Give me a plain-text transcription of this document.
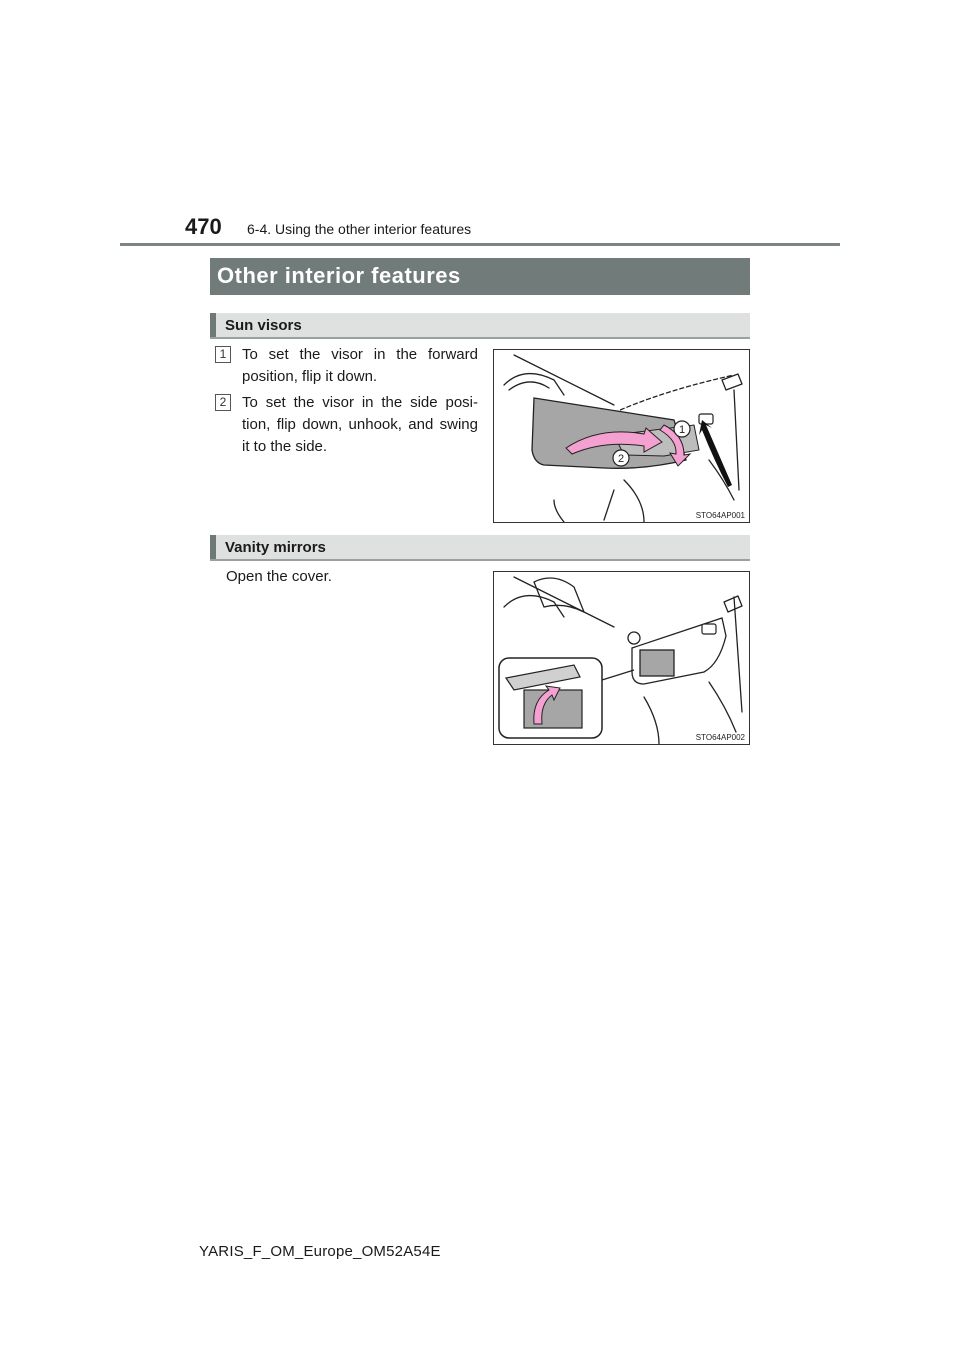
470 6-4. Using the other interior features
Other interior features
Sun visors
1	To set the visor in the forward position, flip it down.
2	To set the visor in the side posi-tion, flip down, unhook, and swing it to the side.
1
2
STO64AP001
Vanity mirrors
Open the cover.
STO64AP002
YARIS_F_OM_Europe_OM52A54E
